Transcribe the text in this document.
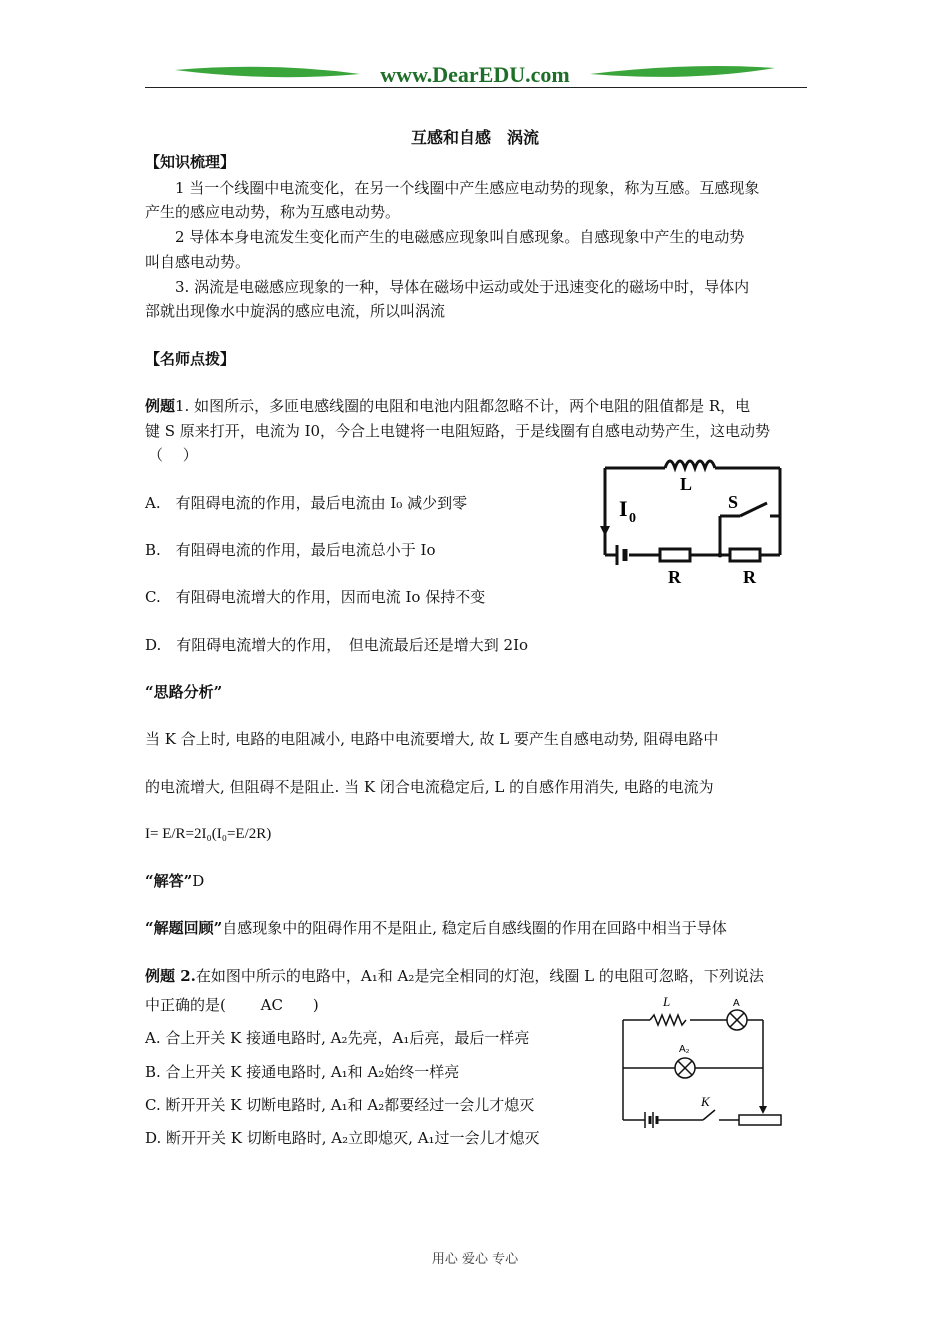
www.DearEDU.com
互感和自感　涡流
【知识梳理】
1 当一个线圈中电流变化，在另一个线圈中产生感应电动势的现象，称为互感。互感现象
产生的感应电动势，称为互感电动势。
2 导体本身电流发生变化而产生的电磁感应现象叫自感现象。自感现象中产生的电动势
叫自感电动势。
3. 涡流是电磁感应现象的一种，导体在磁场中运动或处于迅速变化的磁场中时，导体内
部就出现像水中旋涡的感应电流，所以叫涡流
【名师点拨】
例题1. 如图所示，多匝电感线圈的电阻和电池内阻都忽略不计，两个电阻的阻值都是 R，电
键 S 原来打开，电流为 I0，今合上电键将一电阻短路，于是线圈有自感电动势产生，这电动势
（　 ）
A.　有阻碍电流的作用，最后电流由 I₀ 减少到零
B.　有阻碍电流的作用，最后电流总小于 Io
C.　有阻碍电流增大的作用，因而电流 Io 保持不变
D.　有阻碍电流增大的作用，　但电流最后还是增大到 2Io
L
I 0
S
R	R
“思路分析”
当 K 合上时, 电路的电阻减小, 电路中电流要增大, 故 L 要产生自感电动势, 阻碍电路中
的电流增大, 但阻碍不是阻止. 当 K 闭合电流稳定后, L 的自感作用消失, 电路的电流为
I= E/R=2I₀(I₀=E/2R)
“解答”D
“解题回顾”自感现象中的阻碍作用不是阻止, 稳定后自感线圈的作用在回路中相当于导体
例题 2.在如图中所示的电路中，A₁和 A₂是完全相同的灯泡，线圈 L 的电阻可忽略，下列说法
中正确的是(　　 AC　　)
A. 合上开关 K 接通电路时, A₂先亮，A₁后亮，最后一样亮
B. 合上开关 K 接通电路时, A₁和 A₂始终一样亮
C. 断开开关 K 切断电路时, A₁和 A₂都要经过一会儿才熄灭
D. 断开开关 K 切断电路时, A₂立即熄灭, A₁过一会儿才熄灭
L	A
A₂
K
用心 爱心 专心
